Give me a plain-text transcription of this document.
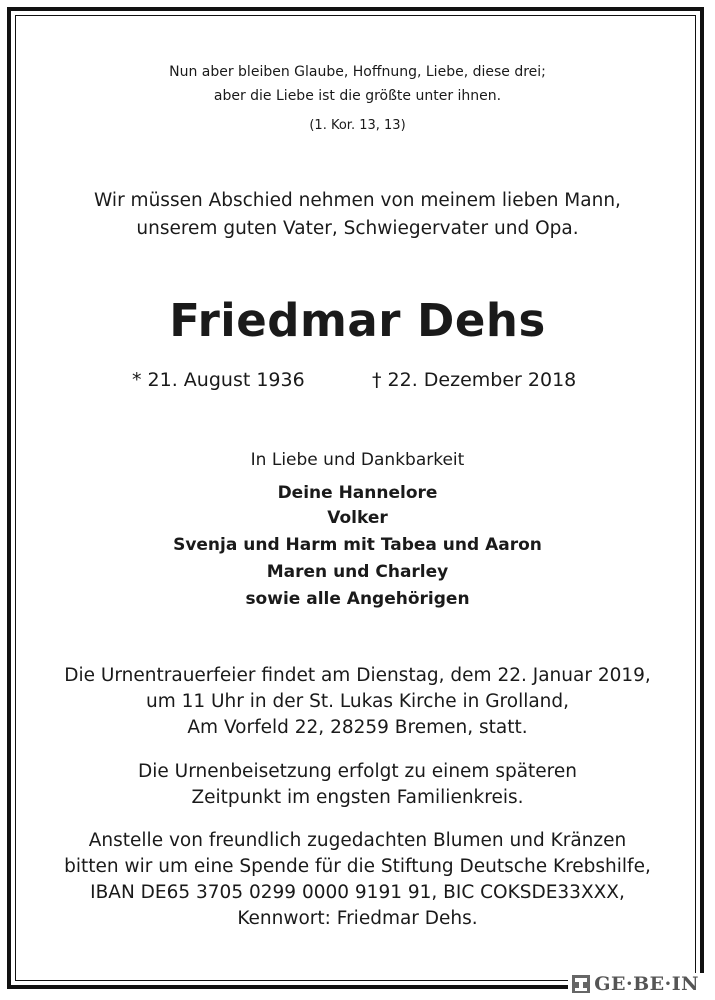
Nun aber bleiben Glaube, Hoffnung, Liebe, diese drei;
aber die Liebe ist die größte unter ihnen.
(1. Kor. 13, 13)
Wir müssen Abschied nehmen von meinem lieben Mann,
unserem guten Vater, Schwiegervater und Opa.
Friedmar Dehs
* 21. August 1936	† 22. Dezember 2018
In Liebe und Dankbarkeit
Deine Hannelore
Volker
Svenja und Harm mit Tabea und Aaron
Maren und Charley
sowie alle Angehörigen
Die Urnentrauerfeier findet am Dienstag, dem 22. Januar 2019,
um 11 Uhr in der St. Lukas Kirche in Grolland,
Am Vorfeld 22, 28259 Bremen, statt.
Die Urnenbeisetzung erfolgt zu einem späteren
Zeitpunkt im engsten Familienkreis.
Anstelle von freundlich zugedachten Blumen und Kränzen
bitten wir um eine Spende für die Stiftung Deutsche Krebshilfe,
IBAN DE65 3705 0299 0000 9191 91, BIC COKSDE33XXX,
Kennwort: Friedmar Dehs.
GE·BE·IN
